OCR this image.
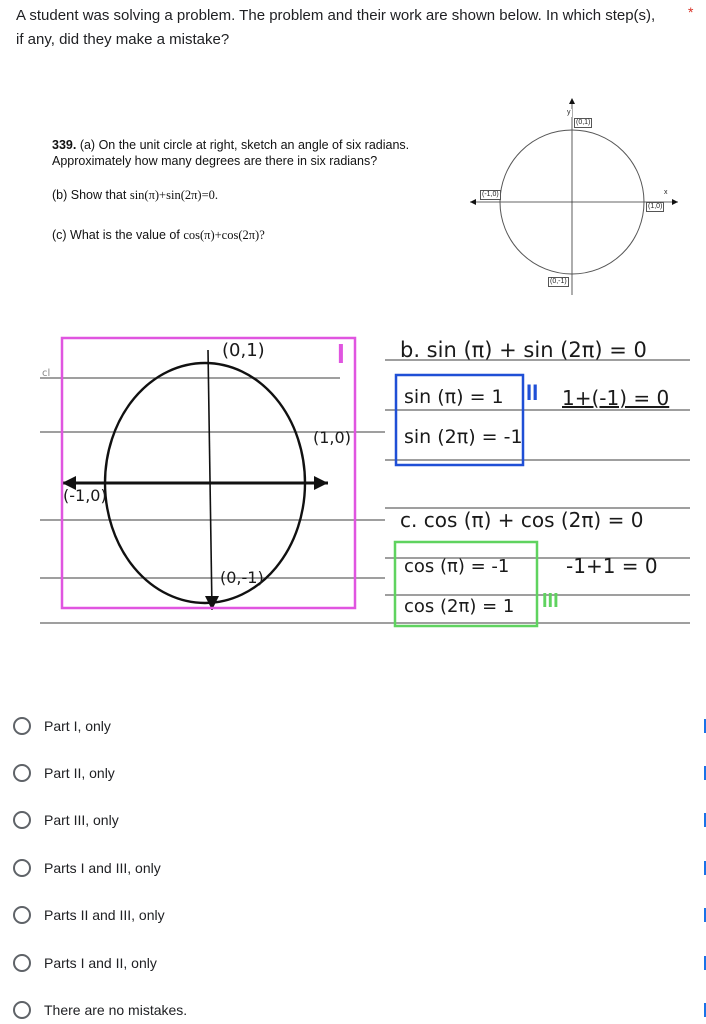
A student was solving a problem. The problem and their work are shown below. In which step(s), if any, did they make a mistake?
*
339. (a) On the unit circle at right, sketch an angle of six radians.
Approximately how many degrees are there in six radians?
(b) Show that sin(π)+sin(2π)=0.
(c) What is the value of cos(π)+cos(2π)?
y
x
(0,1)
(-1,0)
(1,0)
(0,-1)
cl
I
(0,1)
(1,0)
(-1,0)
(0,-1)
b. sin (π) + sin (2π) = 0
sin (π) = 1
sin (2π) = -1
II 1+(-1) = 0
c. cos (π) + cos (2π) = 0
cos (π) = -1
cos (2π) = 1
-1+1 = 0
III
Part I, only
Part II, only
Part III, only
Parts I and III, only
Parts II and III, only
Parts I and II, only
There are no mistakes.
